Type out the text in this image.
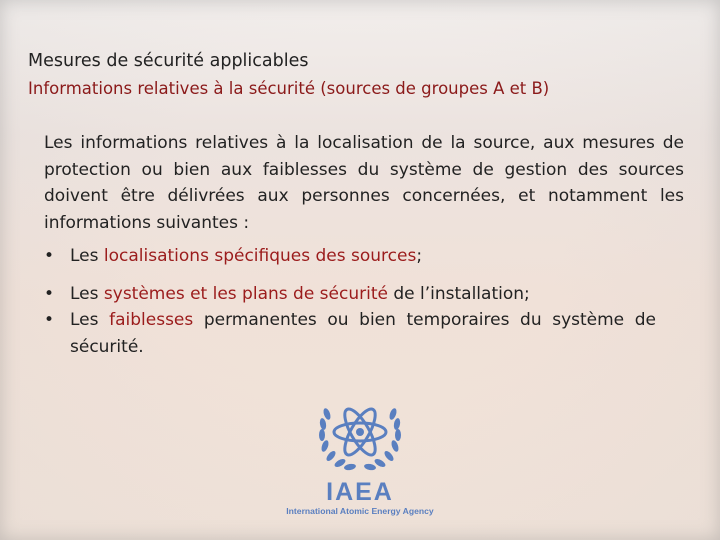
Mesures de sécurité applicables
Informations relatives à la sécurité (sources de groupes A et B)
Les informations relatives à la localisation de la source, aux mesures de
protection ou bien aux faiblesses du système de gestion des sources
doivent être délivrées aux personnes concernées, et notamment les
informations suivantes :
• Les localisations spécifiques des sources;
• Les systèmes et les plans de sécurité de l’installation;
• Les faiblesses permanentes ou bien temporaires du système de
sécurité.
IAEA
International Atomic Energy Agency
